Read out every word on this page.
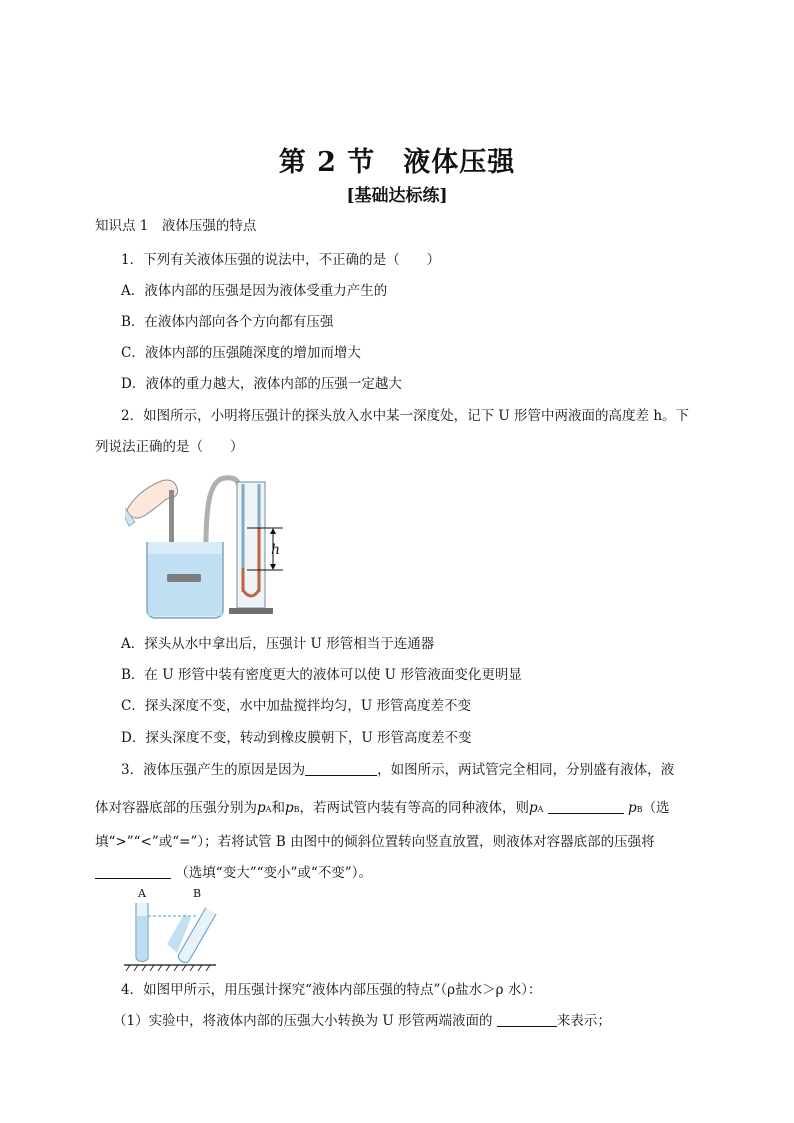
第 2 节　液体压强
[基础达标练]
知识点 1　液体压强的特点
1．下列有关液体压强的说法中，不正确的是（　　）
A．液体内部的压强是因为液体受重力产生的
B．在液体内部向各个方向都有压强
C．液体内部的压强随深度的增加而增大
D．液体的重力越大，液体内部的压强一定越大
2．如图所示，小明将压强计的探头放入水中某一深度处，记下 U 形管中两液面的高度差 h。下
列说法正确的是（　　）
h
A．探头从水中拿出后，压强计 U 形管相当于连通器
B．在 U 形管中装有密度更大的液体可以使 U 形管液面变化更明显
C．探头深度不变，水中加盐搅拌均匀，U 形管高度差不变
D．探头深度不变，转动到橡皮膜朝下，U 形管高度差不变
3．液体压强产生的原因是因为	，如图所示，两试管完全相同，分别盛有液体，液
体对容器底部的压强分别为pA和pB，若两试管内装有等高的同种液体，则pA	pB（选
填“>”“<”或“=”）；若将试管 B 由图中的倾斜位置转向竖直放置，则液体对容器底部的压强将
（选填“变大”“变小”或“不变”）。
A	B
4．如图甲所示，用压强计探究“液体内部压强的特点”（ρ盐水＞ρ 水）：
（1）实验中，将液体内部的压强大小转换为 U 形管两端液面的	来表示；
